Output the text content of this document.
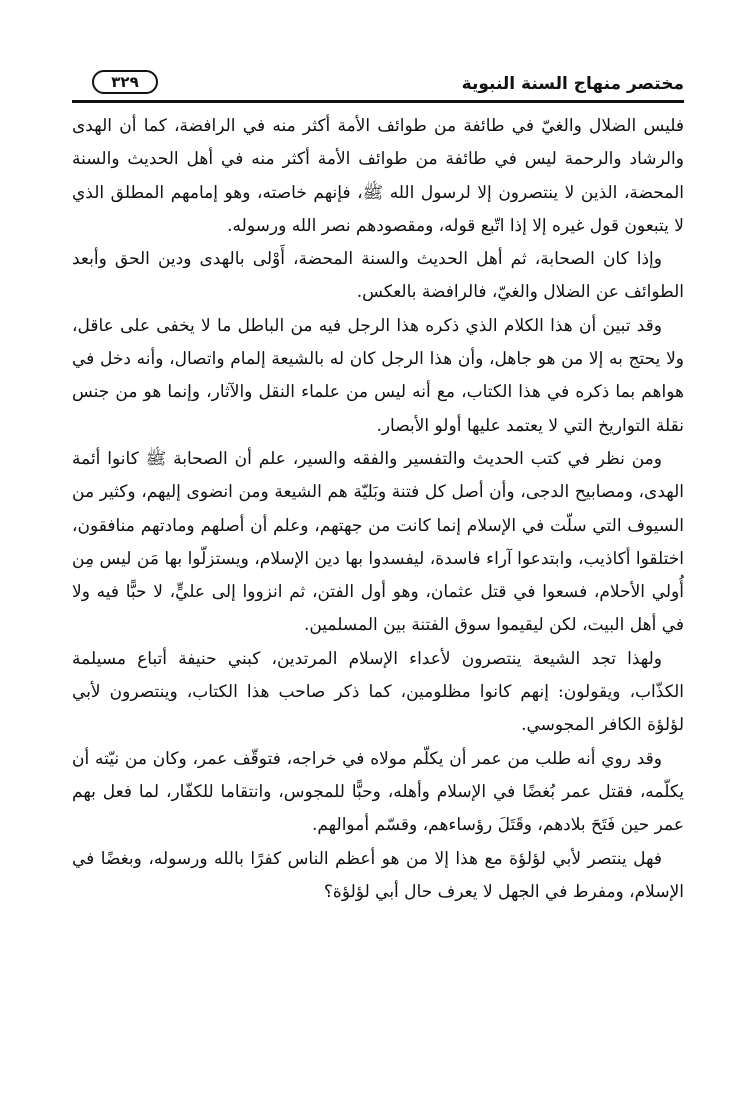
مختصر منهاج السنة النبوية
٣٢٩

فليس الضلال والغيّ في طائفة من طوائف الأمة أكثر منه في الرافضة، كما أن الهدى والرشاد والرحمة ليس في طائفة من طوائف الأمة أكثر منه في أهل الحديث والسنة المحضة، الذين لا ينتصرون إلا لرسول الله ﷺ، فإنهم خاصته، وهو إمامهم المطلق الذي لا يتبعون قول غيره إلا إذا اتّبع قوله، ومقصودهم نصر الله ورسوله.

وإذا كان الصحابة، ثم أهل الحديث والسنة المحضة، أَوْلى بالهدى ودين الحق وأبعد الطوائف عن الضلال والغيّ، فالرافضة بالعكس.

وقد تبين أن هذا الكلام الذي ذكره هذا الرجل فيه من الباطل ما لا يخفى على عاقل، ولا يحتج به إلا من هو جاهل، وأن هذا الرجل كان له بالشيعة إلمام واتصال، وأنه دخل في هواهم بما ذكره في هذا الكتاب، مع أنه ليس من علماء النقل والآثار، وإنما هو من جنس نقلة التواريخ التي لا يعتمد عليها أولو الأبصار.

ومن نظر في كتب الحديث والتفسير والفقه والسير، علم أن الصحابة ﷺ كانوا أئمة الهدى، ومصابيح الدجى، وأن أصل كل فتنة وبَليّة هم الشيعة ومن انضوى إليهم، وكثير من السيوف التي سلّت في الإسلام إنما كانت من جهتهم، وعلم أن أصلهم ومادتهم منافقون، اختلقوا أكاذيب، وابتدعوا آراء فاسدة، ليفسدوا بها دين الإسلام، ويستزلّوا بها مَن ليس مِن أُولي الأحلام، فسعوا في قتل عثمان، وهو أول الفتن، ثم انزووا إلى عليٍّ، لا حبًّا فيه ولا في أهل البيت، لكن ليقيموا سوق الفتنة بين المسلمين.

ولهذا تجد الشيعة ينتصرون لأعداء الإسلام المرتدين، كبني حنيفة أتباع مسيلمة الكذّاب، ويقولون: إنهم كانوا مظلومين، كما ذكر صاحب هذا الكتاب، وينتصرون لأبي لؤلؤة الكافر المجوسي.

وقد روي أنه طلب من عمر أن يكلّم مولاه في خراجه، فتوقّف عمر، وكان من نيّته أن يكلّمه، فقتل عمر بُغضًا في الإسلام وأهله، وحبًّا للمجوس، وانتقاما للكفّار، لما فعل بهم عمر حين فَتَحَ بلادهم، وقَتَلَ رؤساءهم، وقسّم أموالهم.

فهل ينتصر لأبي لؤلؤة مع هذا إلا من هو أعظم الناس كفرًا بالله ورسوله، وبغضًا في الإسلام، ومفرط في الجهل لا يعرف حال أبي لؤلؤة؟
